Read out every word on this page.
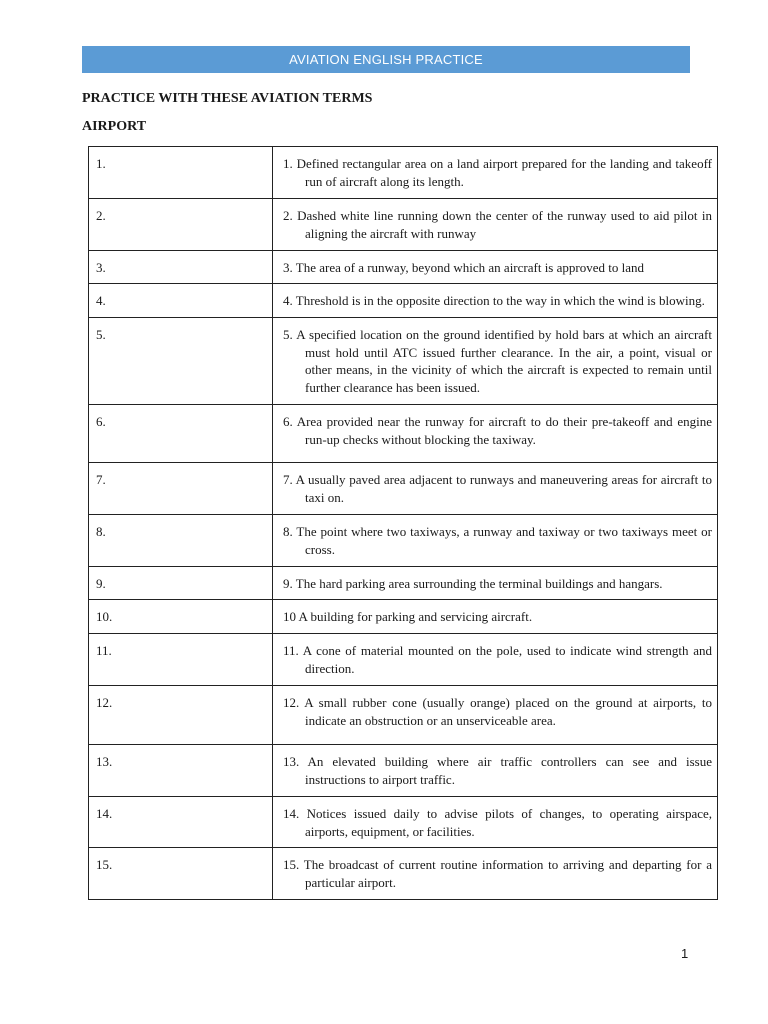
AVIATION ENGLISH PRACTICE
PRACTICE WITH THESE AVIATION TERMS
AIRPORT
1.	1. Defined rectangular area on a land airport prepared for the landing and takeoff run of aircraft along its length.

2.	2. Dashed white line running down the center of the runway used to aid pilot in aligning the aircraft with runway

3.	3. The area of a runway, beyond which an aircraft is approved to land

4.	4. Threshold is in the opposite direction to the way in which the wind is blowing.

5.	5. A specified location on the ground identified by hold bars at which an aircraft must hold until ATC issued further clearance. In the air, a point, visual or other means, in the vicinity of which the aircraft is expected to remain until further clearance has been issued.

6.	6. Area provided near the runway for aircraft to do their pre-takeoff and engine run-up checks without blocking the taxiway.

7.	7. A usually paved area adjacent to runways and maneuvering areas for aircraft to taxi on.

8.	8. The point where two taxiways, a runway and taxiway or two taxiways meet or cross.

9.	9. The hard parking area surrounding the terminal buildings and hangars.

10.	10 A building for parking and servicing aircraft.

11.	11. A cone of material mounted on the pole, used to indicate wind strength and direction.

12.	12. A small rubber cone (usually orange) placed on the ground at airports, to indicate an obstruction or an unserviceable area.

13.	13. An elevated building where air traffic controllers can see and issue instructions to airport traffic.

14.	14. Notices issued daily to advise pilots of changes, to operating airspace, airports, equipment, or facilities.

15.	15. The broadcast of current routine information to arriving and departing for a particular airport.
1
